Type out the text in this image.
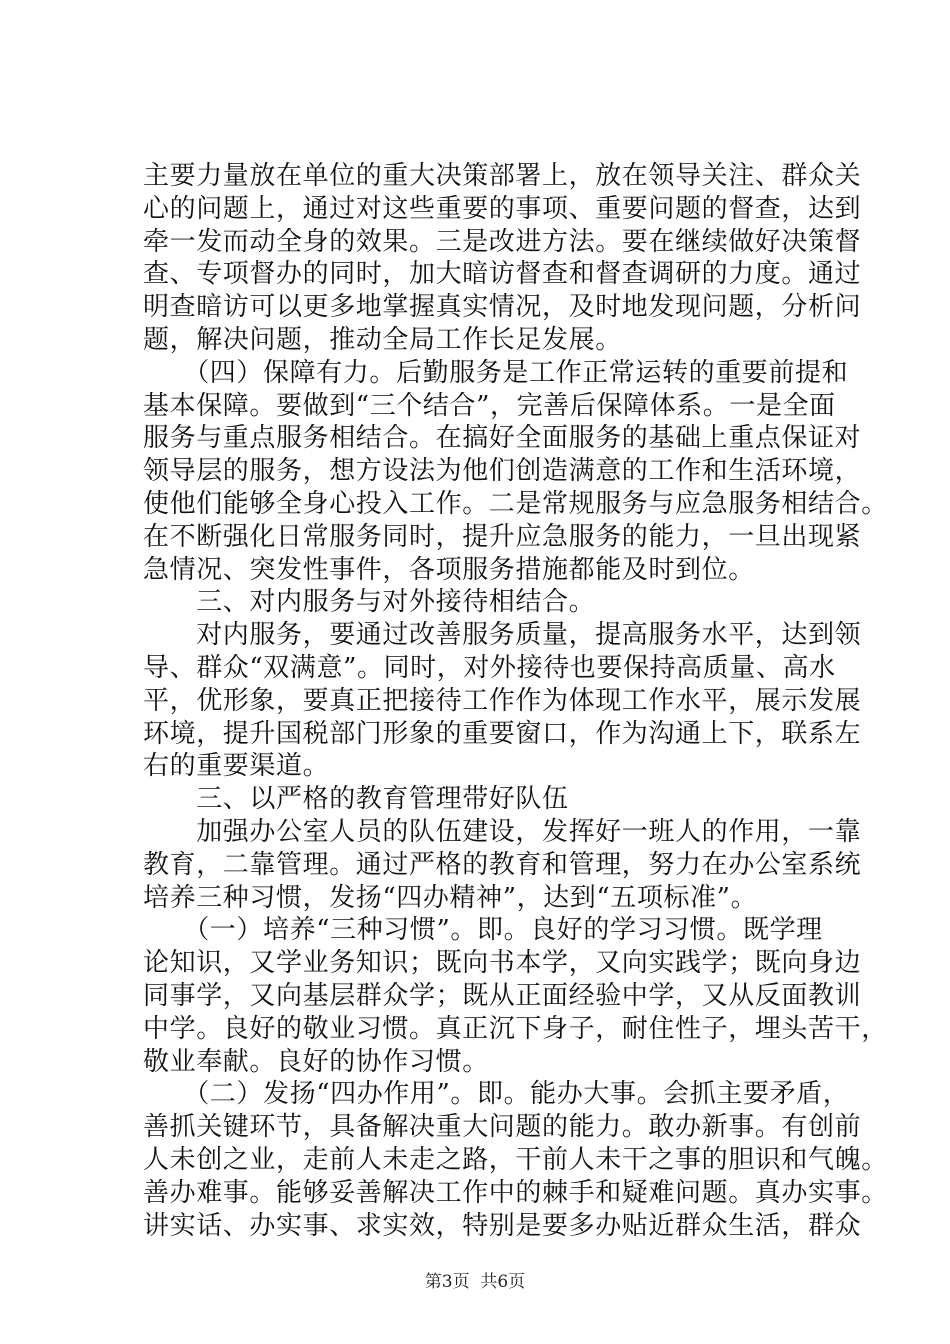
主要力量放在单位的重大决策部署上，放在领导关注、群众关
心的问题上，通过对这些重要的事项、重要问题的督查，达到
牵一发而动全身的效果。三是改进方法。要在继续做好决策督
查、专项督办的同时，加大暗访督查和督查调研的力度。通过
明查暗访可以更多地掌握真实情况，及时地发现问题，分析问
题，解决问题，推动全局工作长足发展。
　　（四）保障有力。后勤服务是工作正常运转的重要前提和
基本保障。要做到“三个结合”，完善后保障体系。一是全面
服务与重点服务相结合。在搞好全面服务的基础上重点保证对
领导层的服务，想方设法为他们创造满意的工作和生活环境，
使他们能够全身心投入工作。二是常规服务与应急服务相结合。
在不断强化日常服务同时，提升应急服务的能力，一旦出现紧
急情况、突发性事件，各项服务措施都能及时到位。
　　三、对内服务与对外接待相结合。
　　对内服务，要通过改善服务质量，提高服务水平，达到领
导、群众“双满意”。同时，对外接待也要保持高质量、高水
平，优形象，要真正把接待工作作为体现工作水平，展示发展
环境，提升国税部门形象的重要窗口，作为沟通上下，联系左
右的重要渠道。
　　三、以严格的教育管理带好队伍
　　加强办公室人员的队伍建设，发挥好一班人的作用，一靠
教育，二靠管理。通过严格的教育和管理，努力在办公室系统
培养三种习惯，发扬“四办精神”，达到“五项标准”。
　　（一）培养“三种习惯”。即。良好的学习习惯。既学理
论知识，又学业务知识；既向书本学，又向实践学；既向身边
同事学，又向基层群众学；既从正面经验中学，又从反面教训
中学。良好的敬业习惯。真正沉下身子，耐住性子，埋头苦干，
敬业奉献。良好的协作习惯。
　　（二）发扬“四办作用”。即。能办大事。会抓主要矛盾，
善抓关键环节，具备解决重大问题的能力。敢办新事。有创前
人未创之业，走前人未走之路，干前人未干之事的胆识和气魄。
善办难事。能够妥善解决工作中的棘手和疑难问题。真办实事。
讲实话、办实事、求实效，特别是要多办贴近群众生活，群众
第3页  共6页
